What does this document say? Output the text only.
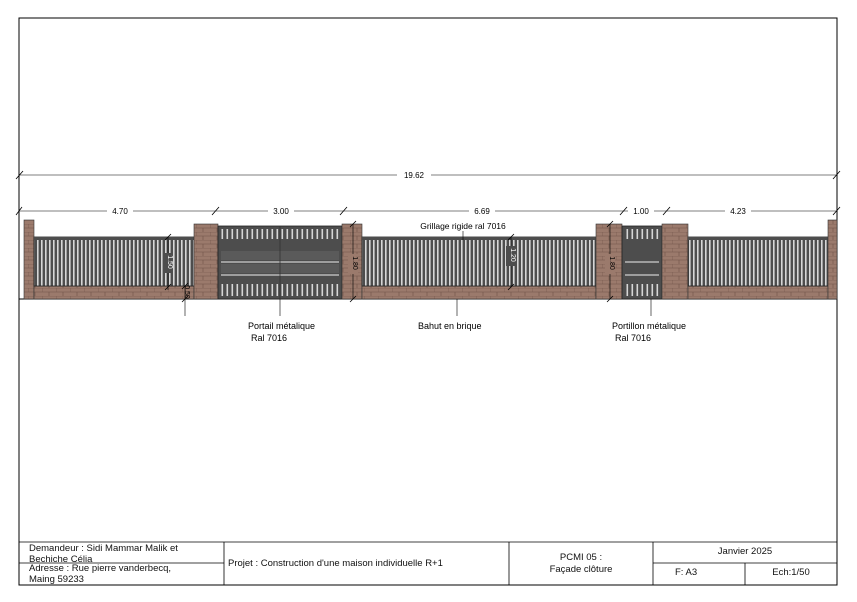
19.62
4.70	3.00	6.69	1.00	4.23
1.50
0.50
1.80
1.20
1.80
Grillage rigide ral 7016
Portail métalique
Ral 7016
Bahut en brique	Portillon métalique
Ral 7016
Demandeur : Sidi Mammar Malik et Bechiche Célia
Adresse : Rue pierre vanderbecq,
Maing 59233
Projet : Construction d'une maison individuelle R+1
PCMI 05 :
Façade clôture
Janvier 2025
F: A3	Ech:1/50
